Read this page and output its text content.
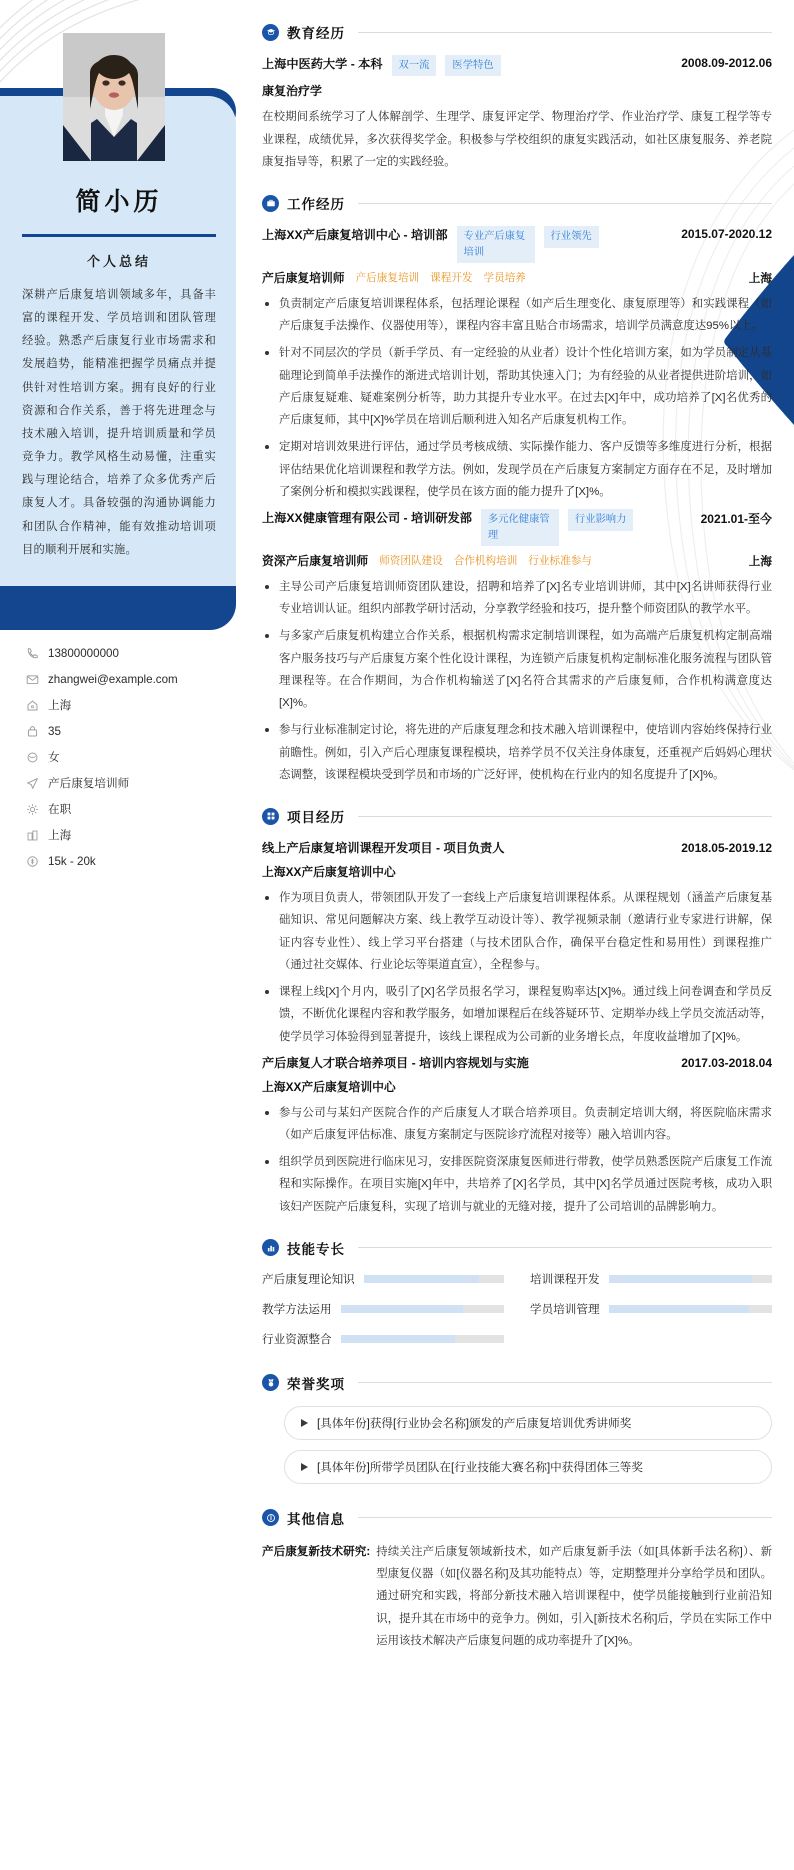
简小历
个人总结
深耕产后康复培训领域多年，具备丰富的课程开发、学员培训和团队管理经验。熟悉产后康复行业市场需求和发展趋势，能精准把握学员痛点并提供针对性培训方案。拥有良好的行业资源和合作关系，善于将先进理念与技术融入培训，提升培训质量和学员竞争力。教学风格生动易懂，注重实践与理论结合，培养了众多优秀产后康复人才。具备较强的沟通协调能力和团队合作精神，能有效推动培训项目的顺利开展和实施。
13800000000
zhangwei@example.com
上海
35
女
产后康复培训师
在职
上海
15k - 20k
教育经历
上海中医药大学 - 本科	双一流	医学特色	2008.09-2012.06
康复治疗学
在校期间系统学习了人体解剖学、生理学、康复评定学、物理治疗学、作业治疗学、康复工程学等专业课程，成绩优异，多次获得奖学金。积极参与学校组织的康复实践活动，如社区康复服务、养老院康复指导等，积累了一定的实践经验。
工作经历
上海XX产后康复培训中心 - 培训部	专业产后康复培训
行业领先	2015.07-2020.12
产后康复培训师 产后康复培训 课程开发 学员培养	上海
负责制定产后康复培训课程体系，包括理论课程（如产后生理变化、康复原理等）和实践课程（如产后康复手法操作、仪器使用等），课程内容丰富且贴合市场需求，培训学员满意度达95%以上。
针对不同层次的学员（新手学员、有一定经验的从业者）设计个性化培训方案，如为学员制定从基础理论到简单手法操作的渐进式培训计划，帮助其快速入门；为有经验的从业者提供进阶培训，如产后康复疑难、疑难案例分析等，助力其提升专业水平。在过去[X]年中，成功培养了[X]名优秀的产后康复师，其中[X]%学员在培训后顺利进入知名产后康复机构工作。
定期对培训效果进行评估，通过学员考核成绩、实际操作能力、客户反馈等多维度进行分析，根据评估结果优化培训课程和教学方法。例如，发现学员在产后康复方案制定方面存在不足，及时增加了案例分析和模拟实践课程，使学员在该方面的能力提升了[X]%。
上海XX健康管理有限公司 - 培训研发部	多元化健康管理
行业影响力	2021.01-至今
资深产后康复培训师 师资团队建设 合作机构培训 行业标准参与	上海
主导公司产后康复培训师资团队建设，招聘和培养了[X]名专业培训讲师，其中[X]名讲师获得行业专业培训认证。组织内部教学研讨活动，分享教学经验和技巧，提升整个师资团队的教学水平。
与多家产后康复机构建立合作关系，根据机构需求定制培训课程，如为高端产后康复机构定制高端客户服务技巧与产后康复方案个性化设计课程，为连锁产后康复机构定制标准化服务流程与团队管理课程等。在合作期间，为合作机构输送了[X]名符合其需求的产后康复师，合作机构满意度达[X]%。
参与行业标准制定讨论，将先进的产后康复理念和技术融入培训课程中，使培训内容始终保持行业前瞻性。例如，引入产后心理康复课程模块，培养学员不仅关注身体康复，还重视产后妈妈心理状态调整，该课程模块受到学员和市场的广泛好评，使机构在行业内的知名度提升了[X]%。
项目经历
线上产后康复培训课程开发项目 - 项目负责人	2018.05-2019.12
上海XX产后康复培训中心
作为项目负责人，带领团队开发了一套线上产后康复培训课程体系。从课程规划（涵盖产后康复基础知识、常见问题解决方案、线上教学互动设计等）、教学视频录制（邀请行业专家进行讲解，保证内容专业性）、线上学习平台搭建（与技术团队合作，确保平台稳定性和易用性）到课程推广（通过社交媒体、行业论坛等渠道直宣），全程参与。
课程上线[X]个月内，吸引了[X]名学员报名学习，课程复购率达[X]%。通过线上问卷调查和学员反馈，不断优化课程内容和教学服务，如增加课程后在线答疑环节、定期举办线上学员交流活动等，使学员学习体验得到显著提升，该线上课程成为公司新的业务增长点，年度收益增加了[X]%。
产后康复人才联合培养项目 - 培训内容规划与实施	2017.03-2018.04
上海XX产后康复培训中心
参与公司与某妇产医院合作的产后康复人才联合培养项目。负责制定培训大纲，将医院临床需求（如产后康复评估标准、康复方案制定与医院诊疗流程对接等）融入培训内容。
组织学员到医院进行临床见习，安排医院资深康复医师进行带教，使学员熟悉医院产后康复工作流程和实际操作。在项目实施[X]年中，共培养了[X]名学员，其中[X]名学员通过医院考核，成功入职该妇产医院产后康复科，实现了培训与就业的无缝对接，提升了公司培训的品牌影响力。
技能专长
产后康复理论知识	培训课程开发
教学方法运用	学员培训管理
行业资源整合
荣誉奖项
[具体年份]获得[行业协会名称]颁发的产后康复培训优秀讲师奖
[具体年份]所带学员团队在[行业技能大赛名称]中获得团体三等奖
其他信息
产后康复新技术研究: 持续关注产后康复领域新技术，如产后康复新手法（如[具体新手法名称]）、新型康复仪器（如[仪器名称]及其功能特点）等，定期整理并分享给学员和团队。通过研究和实践，将部分新技术融入培训课程中，使学员能接触到行业前沿知识，提升其在市场中的竞争力。例如，引入[新技术名称]后，学员在实际工作中运用该技术解决产后康复问题的成功率提升了[X]%。
